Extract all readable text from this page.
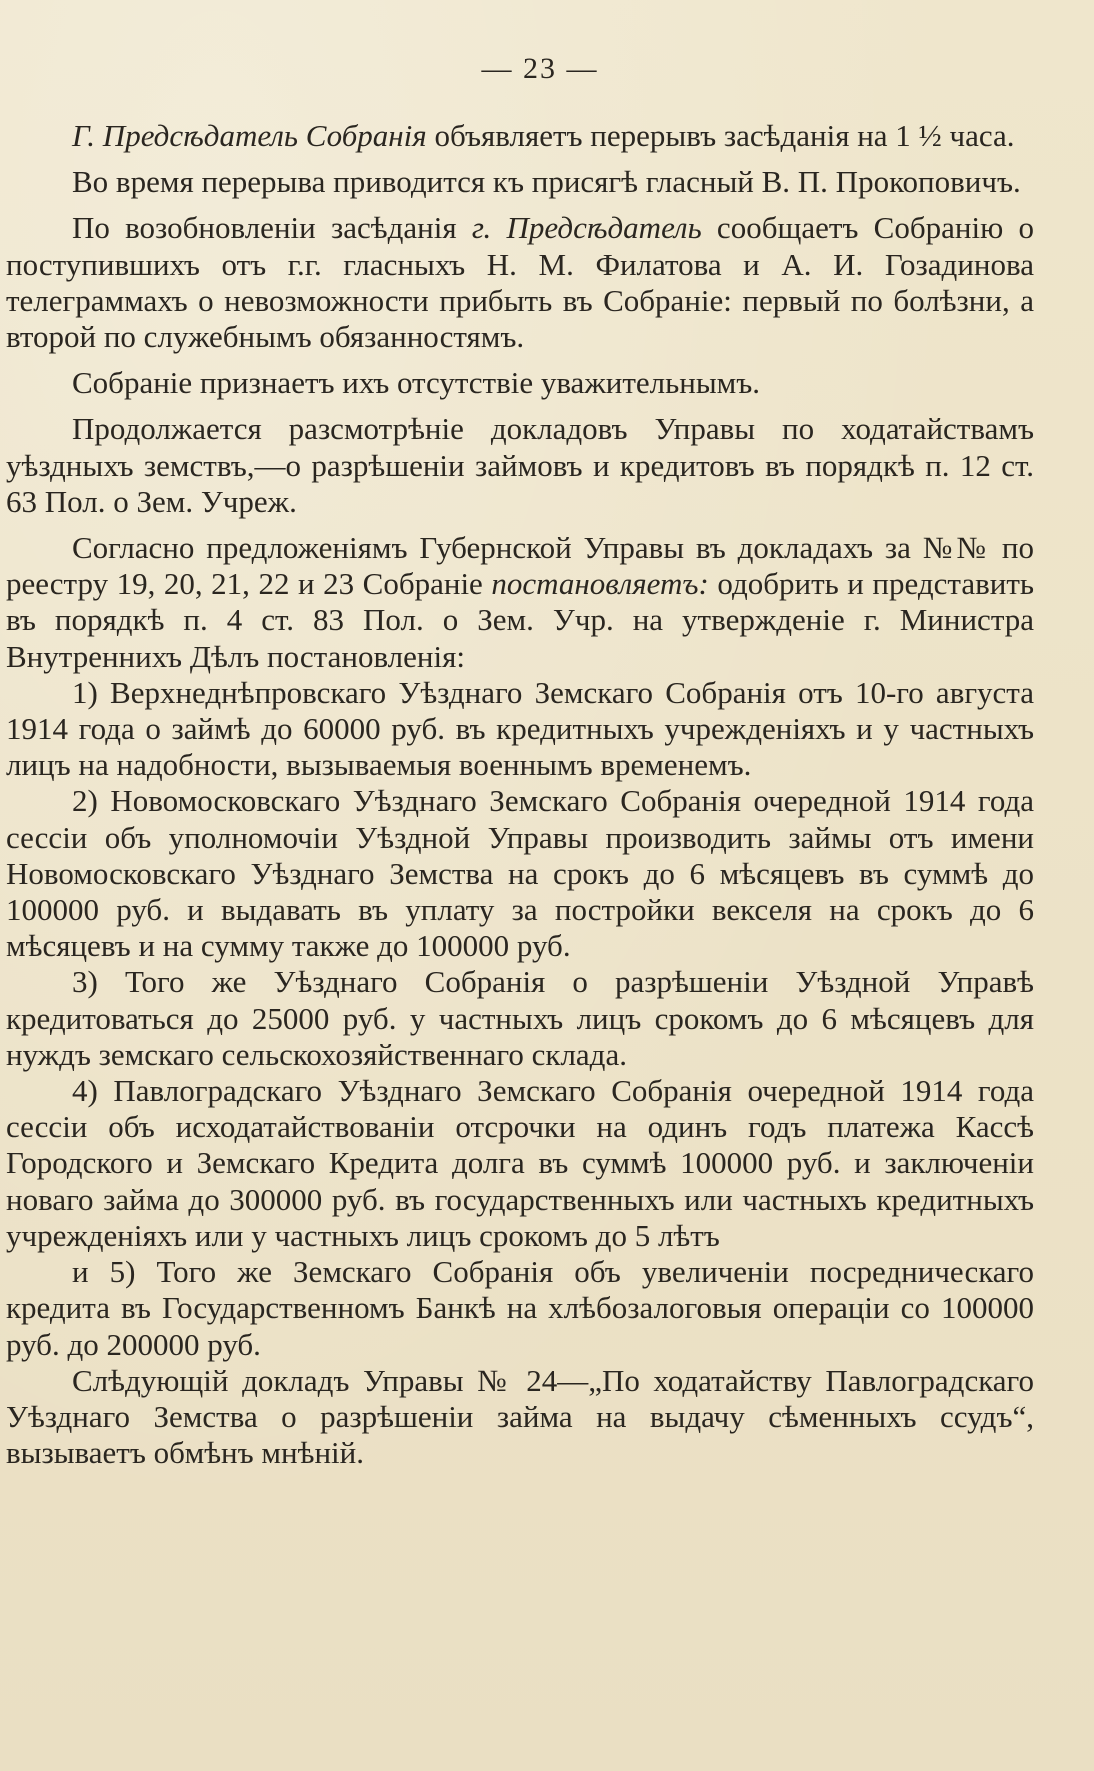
— 23 —

Г. Предсѣдатель Собранія объявляетъ перерывъ засѣданія на 1 ½ часа.

Во время перерыва приводится къ присягѣ гласный В. П. Прокоповичъ.

По возобновленіи засѣданія г. Предсѣдатель сообщаетъ Собранію о поступившихъ отъ г.г. гласныхъ Н. М. Филатова и А. И. Гозадинова телеграммахъ о невозможности прибыть въ Собраніе: первый по болѣзни, а второй по служебнымъ обязанностямъ.

Собраніе признаетъ ихъ отсутствіе уважительнымъ.

Продолжается разсмотрѣніе докладовъ Управы по ходатайствамъ уѣздныхъ земствъ,—о разрѣшеніи займовъ и кредитовъ въ порядкѣ п. 12 ст. 63 Пол. о Зем. Учреж.

Согласно предложеніямъ Губернской Управы въ докладахъ за №№ по реестру 19, 20, 21, 22 и 23 Собраніе постановляетъ: одобрить и представить въ порядкѣ п. 4 ст. 83 Пол. о Зем. Учр. на утвержденіе г. Министра Внутреннихъ Дѣлъ постановленія:

1) Верхнеднѣпровскаго Уѣзднаго Земскаго Собранія отъ 10-го августа 1914 года о займѣ до 60000 руб. въ кредитныхъ учрежденіяхъ и у частныхъ лицъ на надобности, вызываемыя военнымъ временемъ.

2) Новомосковскаго Уѣзднаго Земскаго Собранія очередной 1914 года сессіи объ уполномочіи Уѣздной Управы производить займы отъ имени Новомосковскаго Уѣзднаго Земства на срокъ до 6 мѣсяцевъ въ суммѣ до 100000 руб. и выдавать въ уплату за постройки векселя на срокъ до 6 мѣсяцевъ и на сумму также до 100000 руб.

3) Того же Уѣзднаго Собранія о разрѣшеніи Уѣздной Управѣ кредитоваться до 25000 руб. у частныхъ лицъ срокомъ до 6 мѣсяцевъ для нуждъ земскаго сельскохозяйственнаго склада.

4) Павлоградскаго Уѣзднаго Земскаго Собранія очередной 1914 года сессіи объ исходатайствованіи отсрочки на одинъ годъ платежа Кассѣ Городского и Земскаго Кредита долга въ суммѣ 100000 руб. и заключеніи новаго займа до 300000 руб. въ государственныхъ или частныхъ кредитныхъ учрежденіяхъ или у частныхъ лицъ срокомъ до 5 лѣтъ

и 5) Того же Земскаго Собранія объ увеличеніи посредническаго кредита въ Государственномъ Банкѣ на хлѣбозалоговыя операціи со 100000 руб. до 200000 руб.

Слѣдующій докладъ Управы № 24—„По ходатайству Павлоградскаго Уѣзднаго Земства о разрѣшеніи займа на выдачу сѣменныхъ ссудъ“, вызываетъ обмѣнъ мнѣній.
